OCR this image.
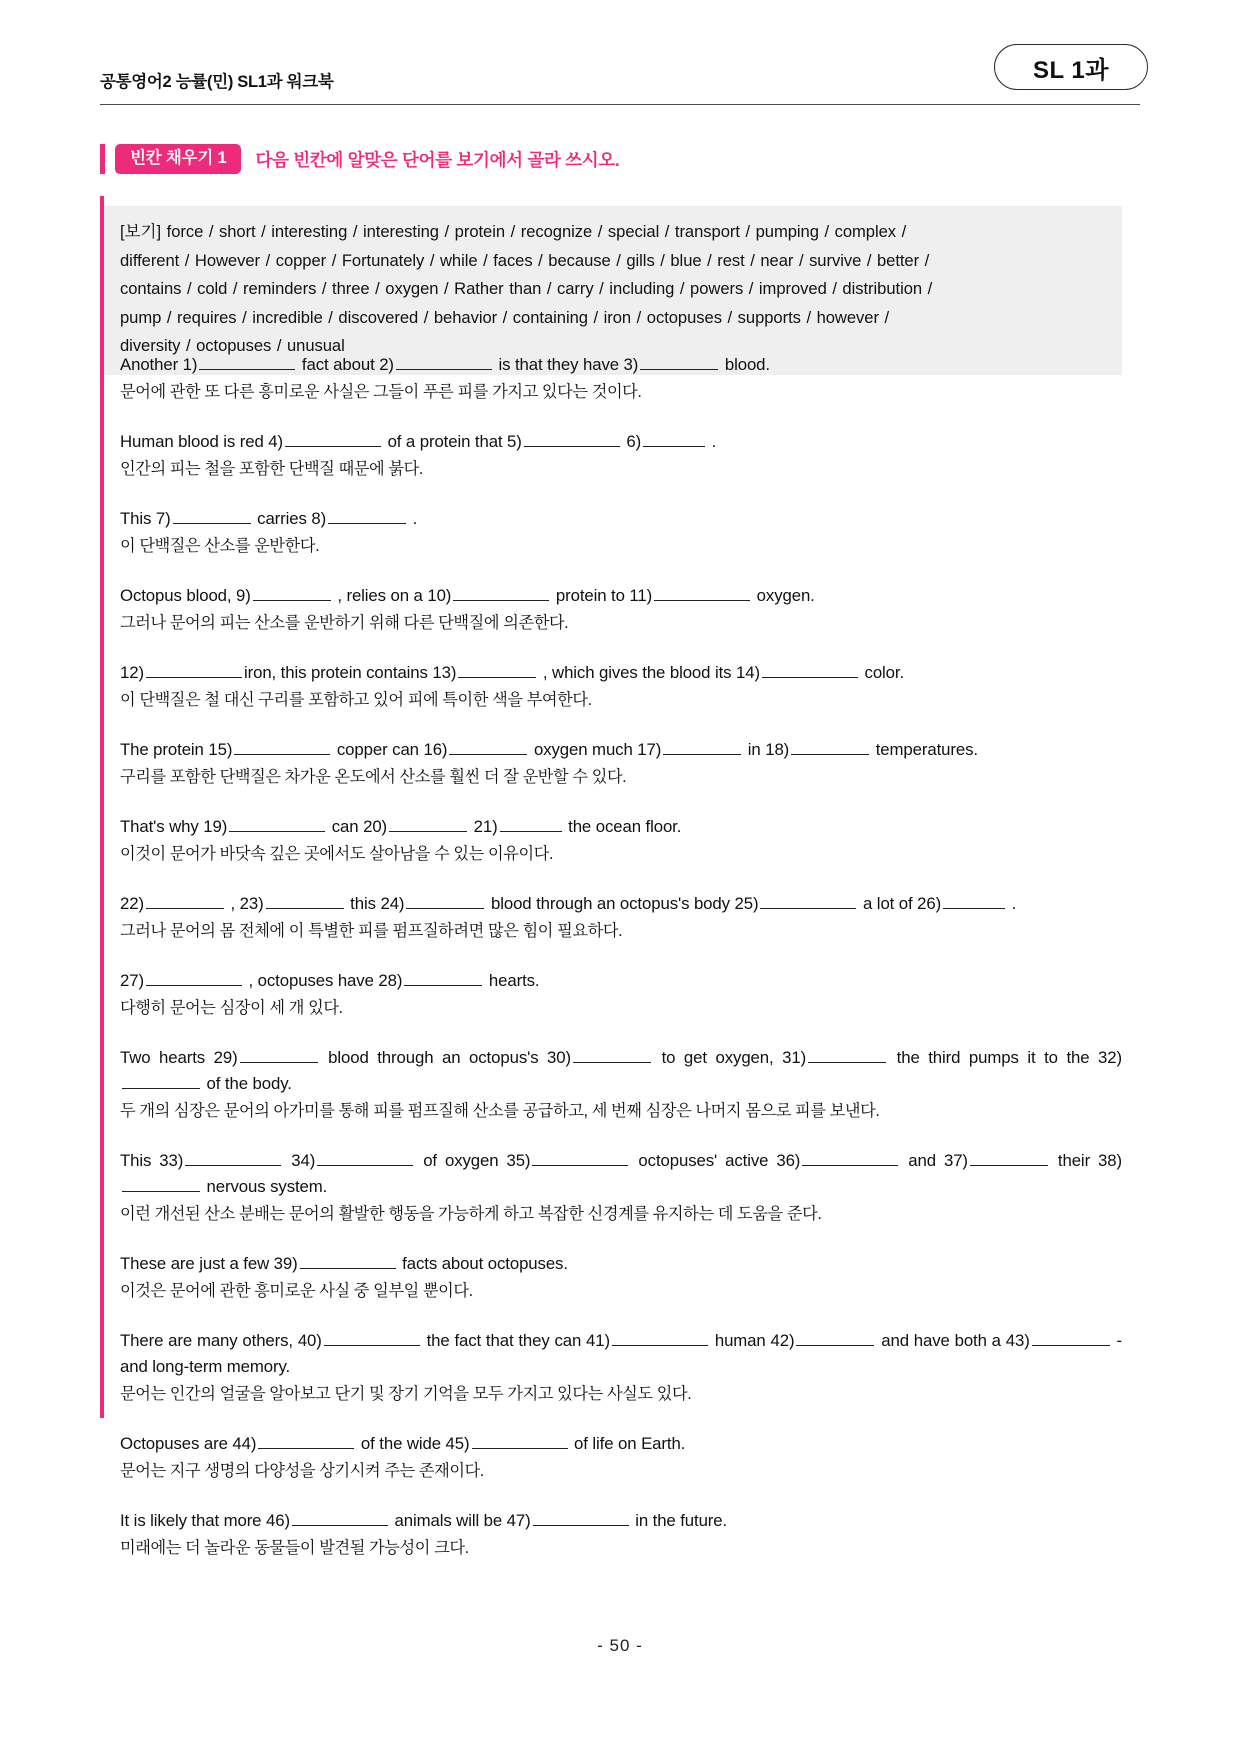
SL 1과
공통영어2 능률(민) SL1과 워크북
빈칸 채우기 1	다음 빈칸에 알맞은 단어를 보기에서 골라 쓰시오.
[보기] force / short / interesting / interesting / protein / recognize / special / transport / pumping / complex /
different / However / copper / Fortunately / while / faces / because / gills / blue / rest / near / survive / better /
contains / cold / reminders / three / oxygen / Rather than / carry / including / powers / improved / distribution /
pump / requires / incredible / discovered / behavior / containing / iron / octopuses / supports / however /
diversity / octopuses / unusual
Another 1)	fact about 2)	is that they have 3)	blood.
문어에 관한 또 다른 흥미로운 사실은 그들이 푸른 피를 가지고 있다는 것이다.
Human blood is red 4)	of a protein that 5)	6)	.
인간의 피는 철을 포함한 단백질 때문에 붉다.
This 7)	carries 8)	.
이 단백질은 산소를 운반한다.
Octopus blood, 9)	, relies on a 10)	protein to 11)	oxygen.
그러나 문어의 피는 산소를 운반하기 위해 다른 단백질에 의존한다.
12)	iron, this protein contains 13)	, which gives the blood its 14)	color.
이 단백질은 철 대신 구리를 포함하고 있어 피에 특이한 색을 부여한다.
The protein 15)	copper can 16)	oxygen much 17)	in 18)	temperatures.
구리를 포함한 단백질은 차가운 온도에서 산소를 훨씬 더 잘 운반할 수 있다.
That's why 19)	can 20)	21)	the ocean floor.
이것이 문어가 바닷속 깊은 곳에서도 살아남을 수 있는 이유이다.
22)	, 23)	this 24)	blood through an octopus's body 25)	a lot of 26)	.
그러나 문어의 몸 전체에 이 특별한 피를 펌프질하려면 많은 힘이 필요하다.
27)	, octopuses have 28)	hearts.
다행히 문어는 심장이 세 개 있다.
Two hearts 29)	blood through an octopus's 30)	to get oxygen, 31)	the third pumps it to the 32) of the body.
두 개의 심장은 문어의 아가미를 통해 피를 펌프질해 산소를 공급하고, 세 번째 심장은 나머지 몸으로 피를 보낸다.
This 33)	34)	of oxygen 35)	octopuses' active 36)	and 37)	their 38) nervous system.
이런 개선된 산소 분배는 문어의 활발한 행동을 가능하게 하고 복잡한 신경계를 유지하는 데 도움을 준다.
These are just a few 39)	facts about octopuses.
이것은 문어에 관한 흥미로운 사실 중 일부일 뿐이다.
There are many others, 40)	the fact that they can 41)	human 42)	and have both a 43)	- and long-term memory.
문어는 인간의 얼굴을 알아보고 단기 및 장기 기억을 모두 가지고 있다는 사실도 있다.
Octopuses are 44)	of the wide 45)	of life on Earth.
문어는 지구 생명의 다양성을 상기시켜 주는 존재이다.
It is likely that more 46)	animals will be 47)	in the future.
미래에는 더 놀라운 동물들이 발견될 가능성이 크다.
- 50 -
